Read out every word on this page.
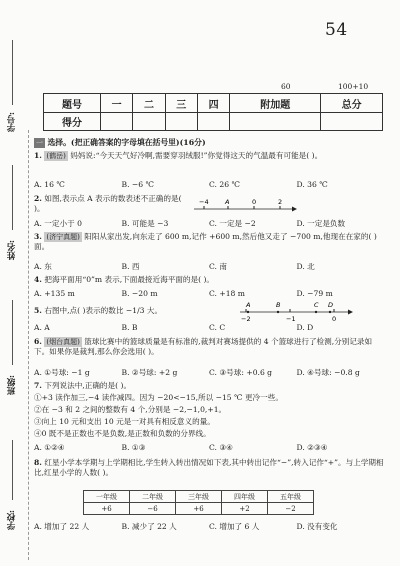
54
学校:
班级:
姓名:
学号:
60	100+10
题号	一	二	三	四	附加题	总分
得分						
一 选择。(把正确答案的字母填在括号里)(16分)
1. (鹤岳) 妈妈说:“今天天气好冷啊,需要穿羽绒服!”你觉得这天的气温最有可能是( )。
A. 16 ℃	B. −6 ℃	C. 26 ℃	D. 36 ℃
2. 如图,表示点 A 表示的数表述不正确的是( )。
−4	A	0	2
A. 一定小于 0	B. 可能是 −3	C. 一定是 −2	D. 一定是负数
3. (济宁真题) 阳阳从家出发,向东走了 600 m,记作 +600 m,然后他又走了 −700 m,他现在在家的( )面。
A. 东	B. 西	C. 南	D. 北
4. 把海平面用“0”m 表示,下面最接近海平面的是( )。
A. +135 m	B. −20 m	C. +18 m	D. −79 m
5. 右图中,点( )表示的数比 −1/3 大。
A	B	C D
−2	−1	0
A. A	B. B	C. C	D. D
6. (烟台真题) 篮球比赛中的篮球质量是有标准的,裁判对赛场提供的 4 个篮球进行了检测,分别记录如下。如果你是裁判,那么你会选用( )。
A. ①号球: −1 g	B. ②号球: +2 g	C. ③号球: +0.6 g	D. ④号球: −0.8 g
7. 下列说法中,正确的是( )。
①+3 读作加三,−4 读作减四。因为 −20<−15,所以 −15 ℃ 更冷一些。
②在 −3 和 2 之间的整数有 4 个,分别是 −2,−1,0,+1。
③向上 10 元和支出 10 元是一对具有相反意义的量。
④0 既不是正数也不是负数,是正数和负数的分界线。
A. ①②④	B. ①③	C. ③④	D. ②③④
8. 红星小学本学期与上学期相比,学生转入转出情况如下表,其中转出记作“−”,转入记作“+”。与上学期相比,红星小学的人数( )。
一年级	二年级	三年级	四年级	五年级
+6	−6	+6	+2	−2
A. 增加了 22 人	B. 减少了 22 人	C. 增加了 6 人	D. 没有变化
